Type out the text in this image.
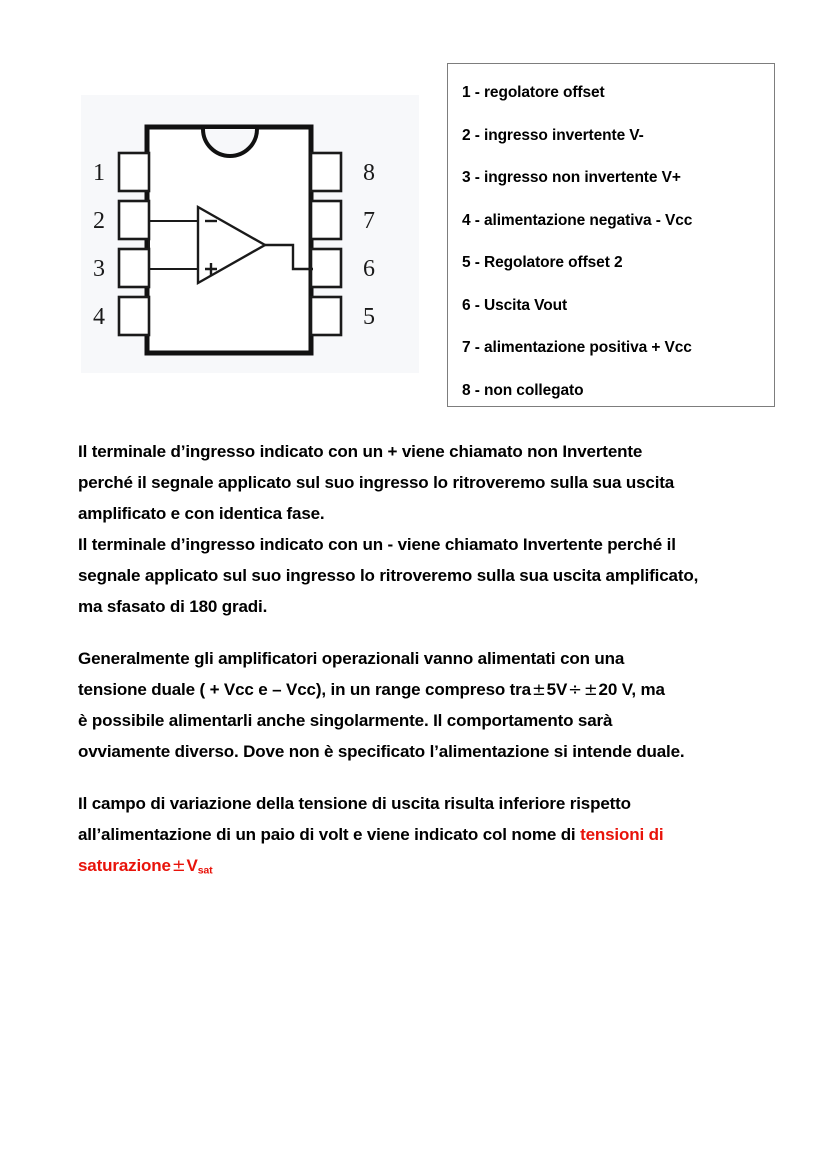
1
2
3
4
8
7
6
5
1 - regolatore offset
2 - ingresso invertente V-
3 - ingresso non invertente V+
4 - alimentazione negativa - Vcc
5 - Regolatore offset 2
6 - Uscita Vout
7 - alimentazione positiva + Vcc
8 - non collegato

Il terminale d’ingresso indicato con un + viene chiamato non Invertente
perché il segnale applicato sul suo ingresso lo ritroveremo sulla sua uscita
amplificato e con identica fase.

Il terminale d’ingresso indicato con un - viene chiamato Invertente perché il
segnale applicato sul suo ingresso lo ritroveremo sulla sua uscita amplificato,
ma sfasato di 180 gradi.

Generalmente gli amplificatori operazionali vanno alimentati con una
tensione duale ( + Vcc e – Vcc), in un range compreso tra±5V÷ ±20 V, ma
è possibile alimentarli anche singolarmente. Il comportamento sarà
ovviamente diverso. Dove non è specificato l’alimentazione si intende duale.

Il campo di variazione della tensione di uscita risulta inferiore rispetto
all’alimentazione di un paio di volt e viene indicato col nome di tensioni di
$saturazione\pm V_{sat}$
